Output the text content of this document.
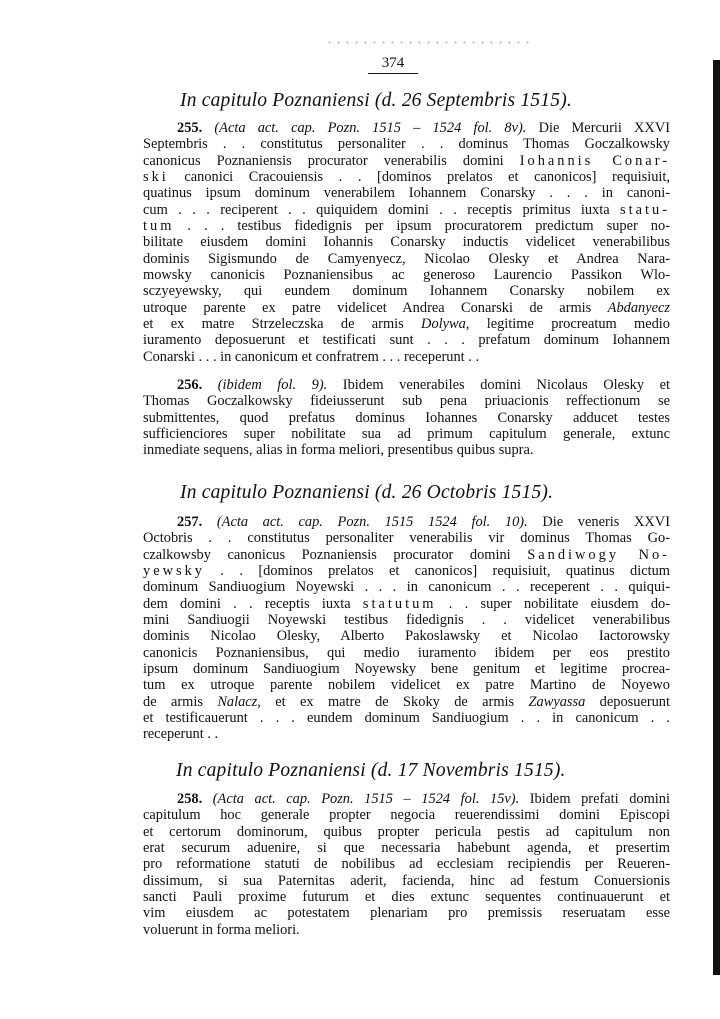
374
In capitulo Poznaniensi (d. 26 Septembris 1515).
255. (Acta act. cap. Pozn. 1515 – 1524 fol. 8v). Die Mercurii XXVI
Septembris . . constitutus personaliter . . dominus Thomas Goczalkowsky
canonicus Poznaniensis procurator venerabilis domini Iohannis Conar-
ski canonici Cracouiensis . . [dominos prelatos et canonicos] requisiuit,
quatinus ipsum dominum venerabilem Iohannem Conarsky . . . in canoni-
cum . . . reciperent . . quiquidem domini . . receptis primitus iuxta statu-
tum . . . testibus fidedignis per ipsum procuratorem predictum super no-
bilitate eiusdem domini Iohannis Conarsky inductis videlicet venerabilibus
dominis Sigismundo de Camyenyecz, Nicolao Olesky et Andrea Nara-
mowsky canonicis Poznaniensibus ac generoso Laurencio Passikon Wlo-
sczyeyewsky, qui eundem dominum Iohannem Conarsky nobilem ex
utroque parente ex patre videlicet Andrea Conarski de armis Abdanyecz
et ex matre Strzeleczska de armis Dolywa, legitime procreatum medio
iuramento deposuerunt et testificati sunt . . . prefatum dominum Iohannem
Conarski . . . in canonicum et confratrem . . . receperunt . .
256. (ibidem fol. 9). Ibidem venerabiles domini Nicolaus Olesky et
Thomas Goczalkowsky fideiusserunt sub pena priuacionis reffectionum se
submittentes, quod prefatus dominus Iohannes Conarsky adducet testes
sufficienciores super nobilitate sua ad primum capitulum generale, extunc
inmediate sequens, alias in forma meliori, presentibus quibus supra.
In capitulo Poznaniensi (d. 26 Octobris 1515).
257. (Acta act. cap. Pozn. 1515 1524 fol. 10). Die veneris XXVI
Octobris . . constitutus personaliter venerabilis vir dominus Thomas Go-
czalkowsby canonicus Poznaniensis procurator domini Sandiwogy No-
yewsky . . [dominos prelatos et canonicos] requisiuit, quatinus dictum
dominum Sandiuogium Noyewski . . . in canonicum . . receperent . . quiqui-
dem domini . . receptis iuxta statutum . . super nobilitate eiusdem do-
mini Sandiuogii Noyewski testibus fidedignis . . videlicet venerabilibus
dominis Nicolao Olesky, Alberto Pakoslawsky et Nicolao Iactorowsky
canonicis Poznaniensibus, qui medio iuramento ibidem per eos prestito
ipsum dominum Sandiuogium Noyewsky bene genitum et legitime procrea-
tum ex utroque parente nobilem videlicet ex patre Martino de Noyewo
de armis Nalacz, et ex matre de Skoky de armis Zawyassa deposuerunt
et testificauerunt . . . eundem dominum Sandiuogium . . in canonicum . .
receperunt . .
In capitulo Poznaniensi (d. 17 Novembris 1515).
258. (Acta act. cap. Pozn. 1515 – 1524 fol. 15v). Ibidem prefati domini
capitulum hoc generale propter negocia reuerendissimi domini Episcopi
et certorum dominorum, quibus propter pericula pestis ad capitulum non
erat securum aduenire, si que necessaria habebunt agenda, et presertim
pro reformatione statuti de nobilibus ad ecclesiam recipiendis per Reueren-
dissimum, si sua Paternitas aderit, facienda, hinc ad festum Conuersionis
sancti Pauli proxime futurum et dies extunc sequentes continuauerunt et
vim eiusdem ac potestatem plenariam pro premissis reseruatam esse
voluerunt in forma meliori.
